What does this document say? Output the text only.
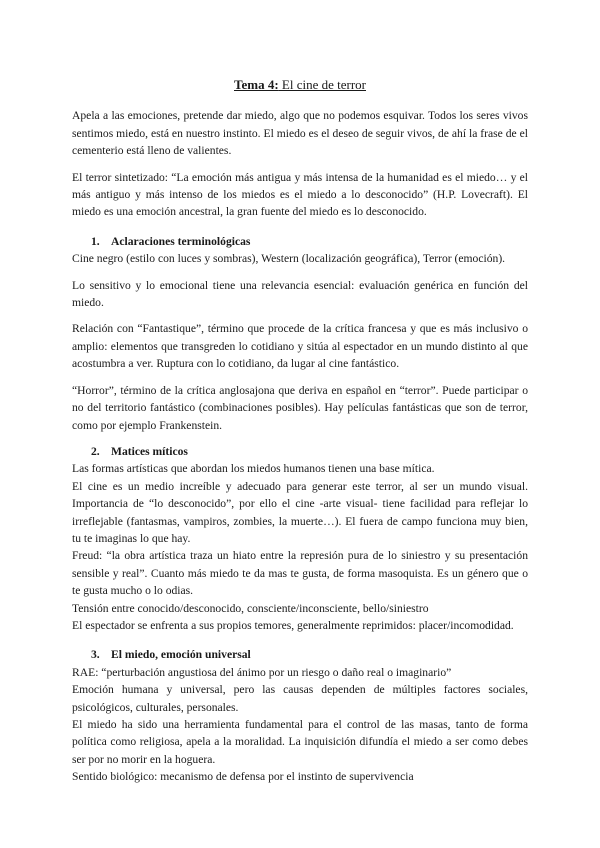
Tema 4: El cine de terror

Apela a las emociones, pretende dar miedo, algo que no podemos esquivar. Todos los seres vivos sentimos miedo, está en nuestro instinto. El miedo es el deseo de seguir vivos, de ahí la frase de el cementerio está lleno de valientes.

El terror sintetizado: “La emoción más antigua y más intensa de la humanidad es el miedo… y el más antiguo y más intenso de los miedos es el miedo a lo desconocido” (H.P. Lovecraft). El miedo es una emoción ancestral, la gran fuente del miedo es lo desconocido.

1. Aclaraciones terminológicas

Cine negro (estilo con luces y sombras), Western (localización geográfica), Terror (emoción).

Lo sensitivo y lo emocional tiene una relevancia esencial: evaluación genérica en función del miedo.

Relación con “Fantastique”, término que procede de la crítica francesa y que es más inclusivo o amplio: elementos que transgreden lo cotidiano y sitúa al espectador en un mundo distinto al que acostumbra a ver. Ruptura con lo cotidiano, da lugar al cine fantástico.

“Horror”, término de la crítica anglosajona que deriva en español en “terror”. Puede participar o no del territorio fantástico (combinaciones posibles). Hay películas fantásticas que son de terror, como por ejemplo Frankenstein.

2. Matices míticos

Las formas artísticas que abordan los miedos humanos tienen una base mítica.

El cine es un medio increíble y adecuado para generar este terror, al ser un mundo visual. Importancia de “lo desconocido”, por ello el cine -arte visual- tiene facilidad para reflejar lo irreflejable (fantasmas, vampiros, zombies, la muerte…). El fuera de campo funciona muy bien, tu te imaginas lo que hay.

Freud: “la obra artística traza un hiato entre la represión pura de lo siniestro y su presentación sensible y real”. Cuanto más miedo te da mas te gusta, de forma masoquista. Es un género que o te gusta mucho o lo odias.

Tensión entre conocido/desconocido, consciente/inconsciente, bello/siniestro

El espectador se enfrenta a sus propios temores, generalmente reprimidos: placer/incomodidad.

3. El miedo, emoción universal

RAE: “perturbación angustiosa del ánimo por un riesgo o daño real o imaginario”

Emoción humana y universal, pero las causas dependen de múltiples factores sociales, psicológicos, culturales, personales.

El miedo ha sido una herramienta fundamental para el control de las masas, tanto de forma política como religiosa, apela a la moralidad. La inquisición difundía el miedo a ser como debes ser por no morir en la hoguera.

Sentido biológico: mecanismo de defensa por el instinto de supervivencia
